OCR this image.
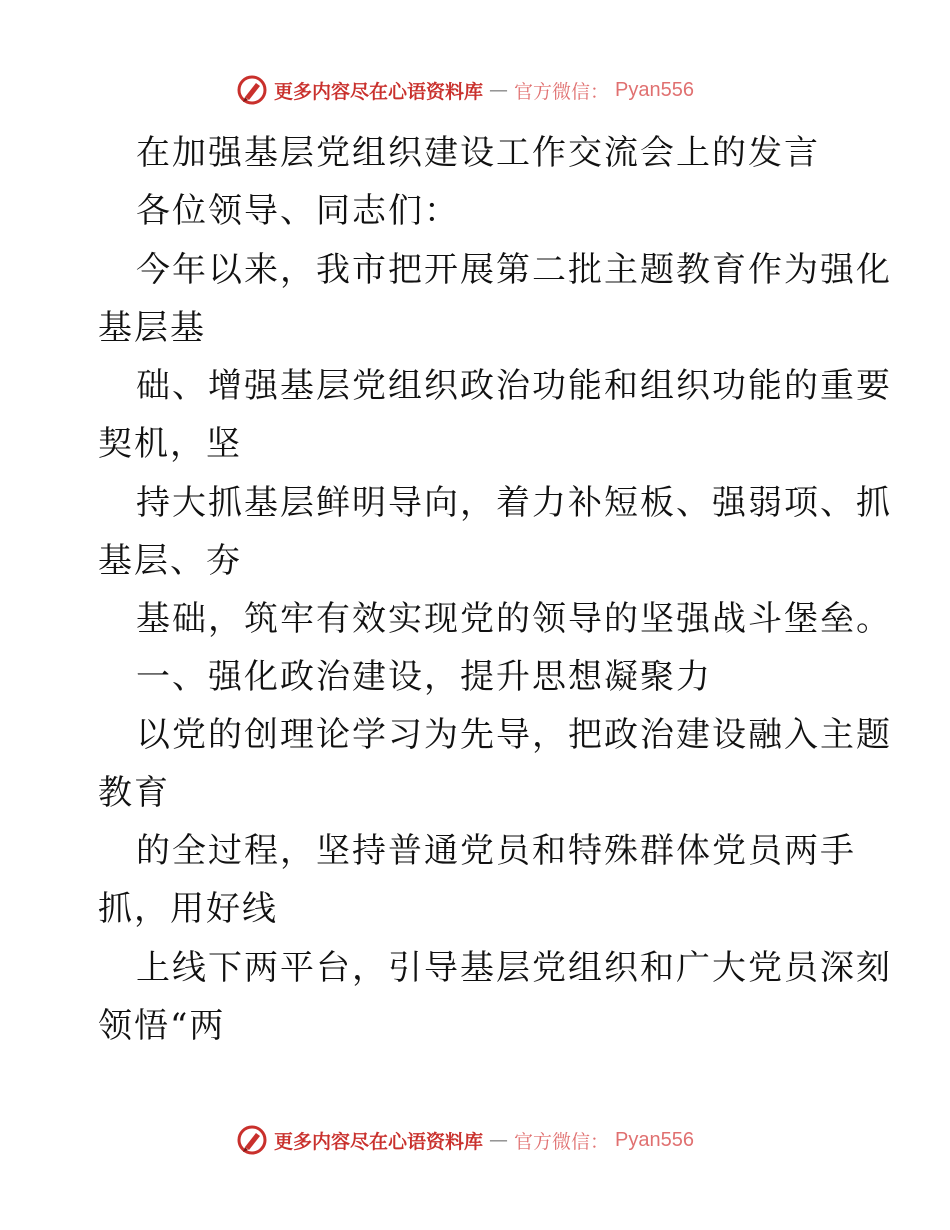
更多内容尽在心语资料库 — 官方微信： Pyan556
在加强基层党组织建设工作交流会上的发言
各位领导、同志们：
今年以来，我市把开展第二批主题教育作为强化
基层基
础、增强基层党组织政治功能和组织功能的重要
契机，坚
持大抓基层鲜明导向，着力补短板、强弱项、抓
基层、夯
基础，筑牢有效实现党的领导的坚强战斗堡垒。
一、强化政治建设，提升思想凝聚力
以党的创理论学习为先导，把政治建设融入主题
教育
的全过程，坚持普通党员和特殊群体党员两手
抓，用好线
上线下两平台，引导基层党组织和广大党员深刻
领悟“两
更多内容尽在心语资料库 — 官方微信： Pyan556
